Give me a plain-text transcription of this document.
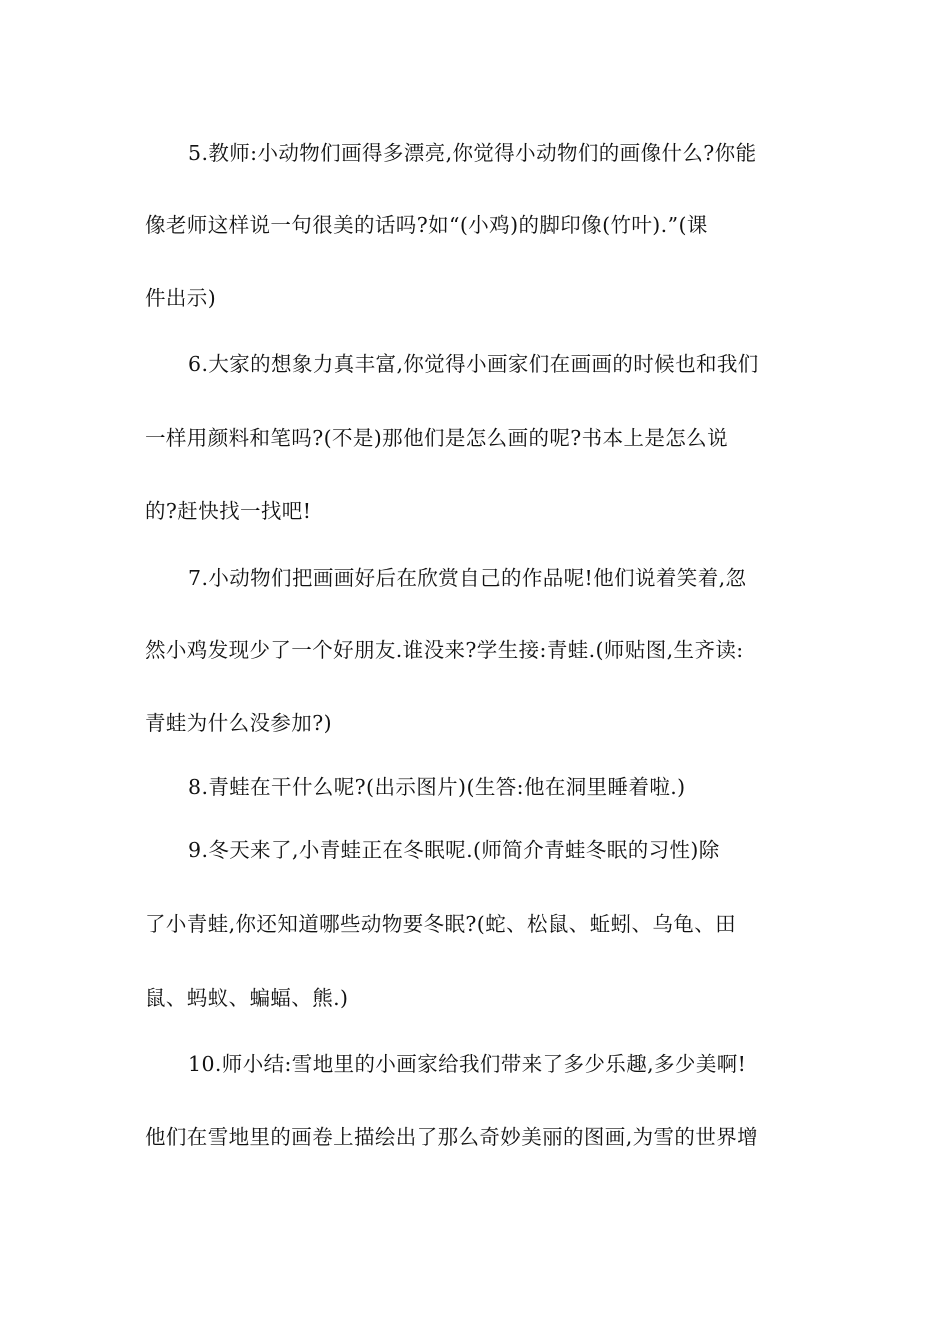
5.教师:小动物们画得多漂亮,你觉得小动物们的画像什么?你能
像老师这样说一句很美的话吗?如“(小鸡)的脚印像(竹叶).”(课
件出示)
6.大家的想象力真丰富,你觉得小画家们在画画的时候也和我们
一样用颜料和笔吗?(不是)那他们是怎么画的呢?书本上是怎么说
的?赶快找一找吧!
7.小动物们把画画好后在欣赏自己的作品呢!他们说着笑着,忽
然小鸡发现少了一个好朋友.谁没来?学生接:青蛙.(师贴图,生齐读:
青蛙为什么没参加?)
8.青蛙在干什么呢?(出示图片)(生答:他在洞里睡着啦.)
9.冬天来了,小青蛙正在冬眠呢.(师简介青蛙冬眠的习性)除
了小青蛙,你还知道哪些动物要冬眠?(蛇、松鼠、蚯蚓、乌龟、田
鼠、蚂蚁、蝙蝠、熊.)
10.师小结:雪地里的小画家给我们带来了多少乐趣,多少美啊!
他们在雪地里的画卷上描绘出了那么奇妙美丽的图画,为雪的世界增
